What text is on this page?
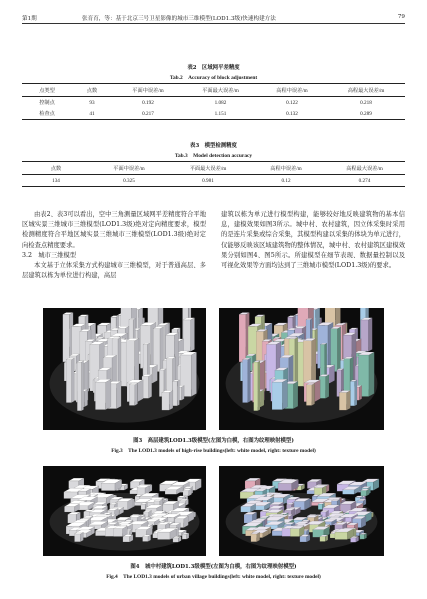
第1期	张育育，等：基于北京三号卫星影像的城市三维模型(LOD1.3级)快速构建方法	79
表2　区域网平差精度
Tab.2　Accuracy of block adjustment
点类型	点数	平面中误差/m	平面最大误差/m	高程中误差/m	高程最大误差/m
控制点	93	0.192	1.082	0.122	0.218
检查点	41	0.217	1.151	0.132	0.289
表3　模型检测精度
Tab.3　Model detection accuracy
点数	平面中误差/m	平面最大误差/m	高程中误差/m	高程最大误差/m
134	0.325	0.981	0.12	0.274

由表2、表3可以看出，空中三角测量区域网平差精度符合平地区城实景三维城市三维模型(LOD1.3级)绝对定向精度要求，模型检测精度符合平地区城实景三维城市三维模型(LOD1.3级)绝对定向检查点精度要求。

3.2　城市三维模型

本文基于立体采集方式构建城市三维模型，对于普通高层、多层建筑以栋为单位进行构建，高层

建筑以栋为单元进行模型构建，能够较好地反映建筑物的基本信息，建模效果如图3所示。城中村、农村建筑，因立体采集时采用的是连片采集或综合采集，其模型构建以采集的体块为单元进行，仅能够反映该区域建筑物的整体情况，城中村、农村建筑区建模效果分别如图4、图5所示。所建模型在细节表现、数据量控制以及可视化效果等方面均达到了三维城市模型(LOD1.3级)的要求。

图3　高层建筑LOD1.3级模型(左图为白模，右图为纹理映射模型)
Fig.3　The LOD1.3 models of high-rise buildings(left: white model, right: texture model)
图4　城中村建筑LOD1.3级模型(左图为白模，右图为纹理映射模型)
Fig.4　The LOD1.3 models of urban village buildings(left: white model, right: texture model)
